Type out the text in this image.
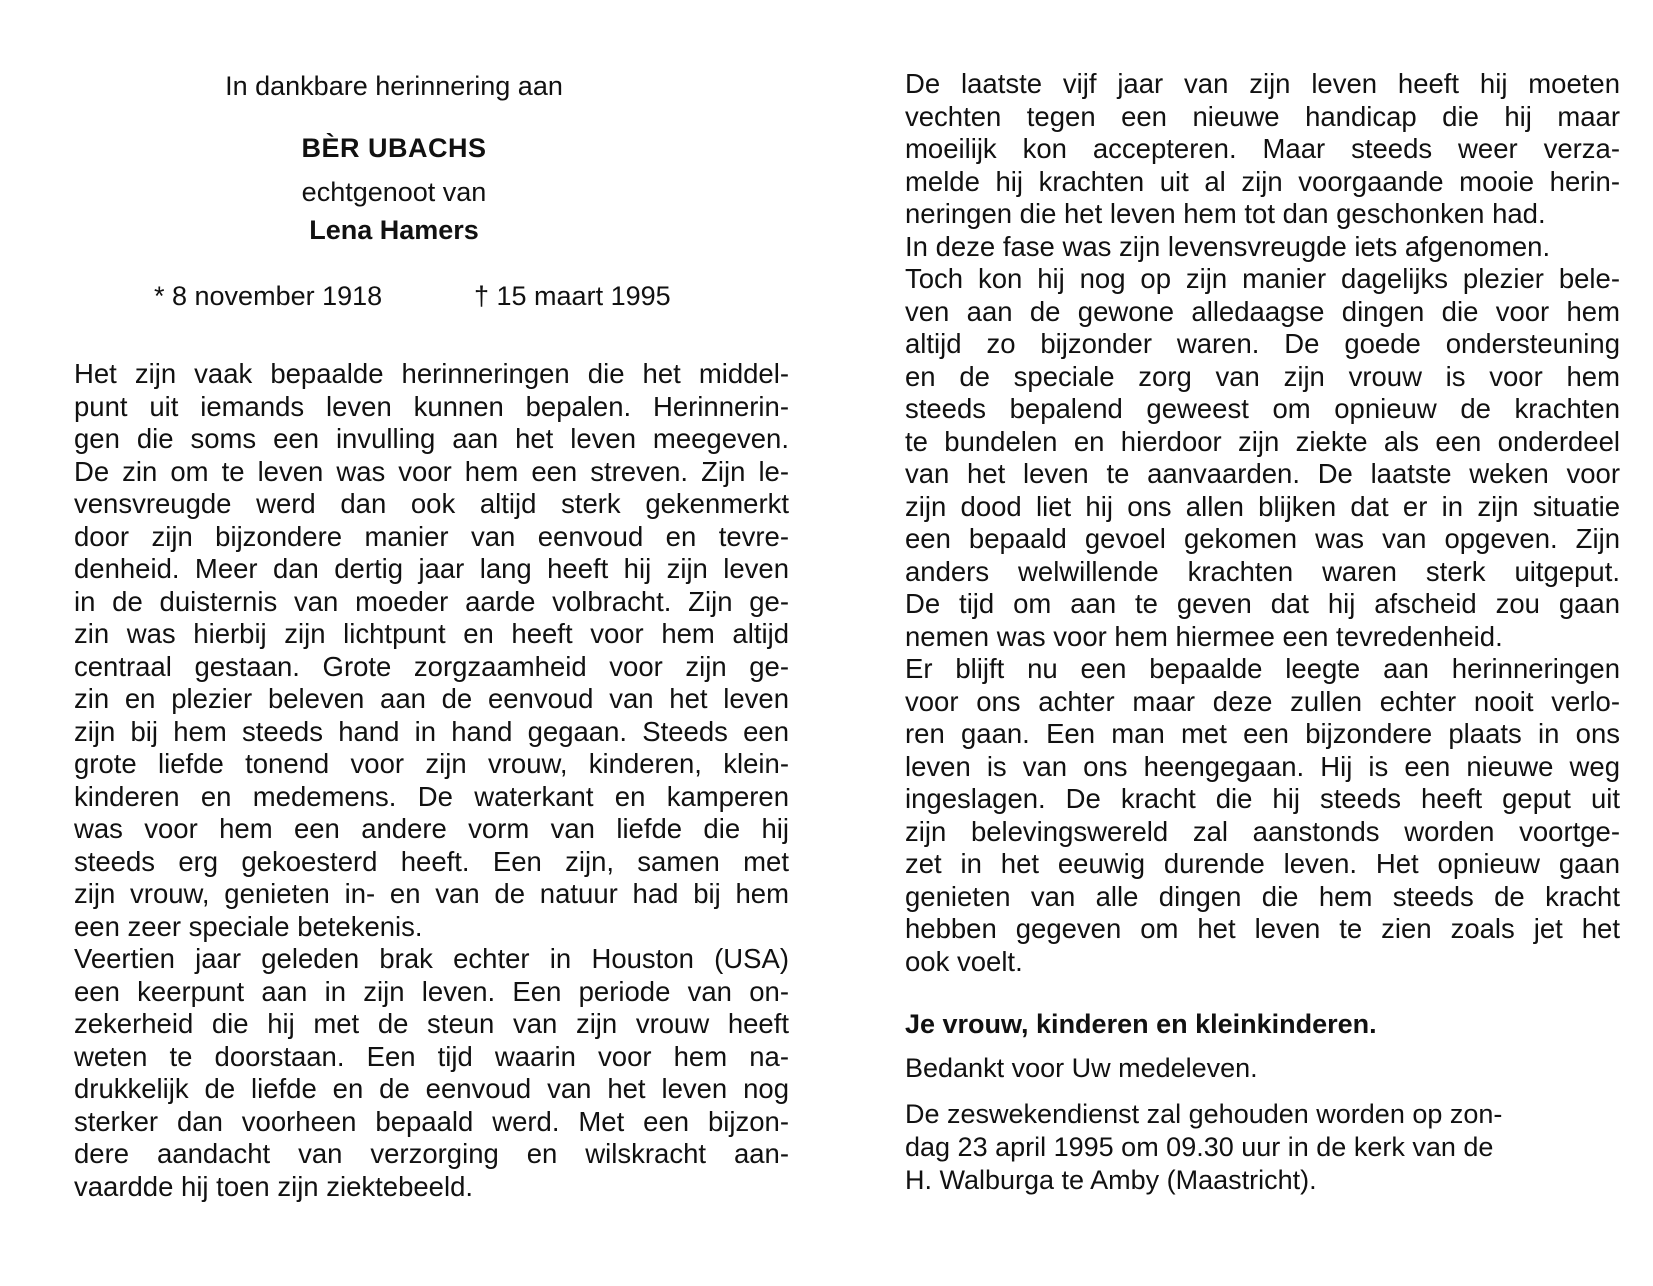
In dankbare herinnering aan
BÈR UBACHS
echtgenoot van
Lena Hamers
* 8 november 1918	† 15 maart 1995
Het zijn vaak bepaalde herinneringen die het middel-
punt uit iemands leven kunnen bepalen. Herinnerin-
gen die soms een invulling aan het leven meegeven.
De zin om te leven was voor hem een streven. Zijn le-
vensvreugde werd dan ook altijd sterk gekenmerkt
door zijn bijzondere manier van eenvoud en tevre-
denheid. Meer dan dertig jaar lang heeft hij zijn leven
in de duisternis van moeder aarde volbracht. Zijn ge-
zin was hierbij zijn lichtpunt en heeft voor hem altijd
centraal gestaan. Grote zorgzaamheid voor zijn ge-
zin en plezier beleven aan de eenvoud van het leven
zijn bij hem steeds hand in hand gegaan. Steeds een
grote liefde tonend voor zijn vrouw, kinderen, klein-
kinderen en medemens. De waterkant en kamperen
was voor hem een andere vorm van liefde die hij
steeds erg gekoesterd heeft. Een zijn, samen met
zijn vrouw, genieten in- en van de natuur had bij hem
een zeer speciale betekenis.
Veertien jaar geleden brak echter in Houston (USA)
een keerpunt aan in zijn leven. Een periode van on-
zekerheid die hij met de steun van zijn vrouw heeft
weten te doorstaan. Een tijd waarin voor hem na-
drukkelijk de liefde en de eenvoud van het leven nog
sterker dan voorheen bepaald werd. Met een bijzon-
dere aandacht van verzorging en wilskracht aan-
vaardde hij toen zijn ziektebeeld.
De laatste vijf jaar van zijn leven heeft hij moeten
vechten tegen een nieuwe handicap die hij maar
moeilijk kon accepteren. Maar steeds weer verza-
melde hij krachten uit al zijn voorgaande mooie herin-
neringen die het leven hem tot dan geschonken had.
In deze fase was zijn levensvreugde iets afgenomen.
Toch kon hij nog op zijn manier dagelijks plezier bele-
ven aan de gewone alledaagse dingen die voor hem
altijd zo bijzonder waren. De goede ondersteuning
en de speciale zorg van zijn vrouw is voor hem
steeds bepalend geweest om opnieuw de krachten
te bundelen en hierdoor zijn ziekte als een onderdeel
van het leven te aanvaarden. De laatste weken voor
zijn dood liet hij ons allen blijken dat er in zijn situatie
een bepaald gevoel gekomen was van opgeven. Zijn
anders welwillende krachten waren sterk uitgeput.
De tijd om aan te geven dat hij afscheid zou gaan
nemen was voor hem hiermee een tevredenheid.
Er blijft nu een bepaalde leegte aan herinneringen
voor ons achter maar deze zullen echter nooit verlo-
ren gaan. Een man met een bijzondere plaats in ons
leven is van ons heengegaan. Hij is een nieuwe weg
ingeslagen. De kracht die hij steeds heeft geput uit
zijn belevingswereld zal aanstonds worden voortge-
zet in het eeuwig durende leven. Het opnieuw gaan
genieten van alle dingen die hem steeds de kracht
hebben gegeven om het leven te zien zoals jet het
ook voelt.
Je vrouw, kinderen en kleinkinderen.
Bedankt voor Uw medeleven.
De zeswekendienst zal gehouden worden op zon-
dag 23 april 1995 om 09.30 uur in de kerk van de
H. Walburga te Amby (Maastricht).
